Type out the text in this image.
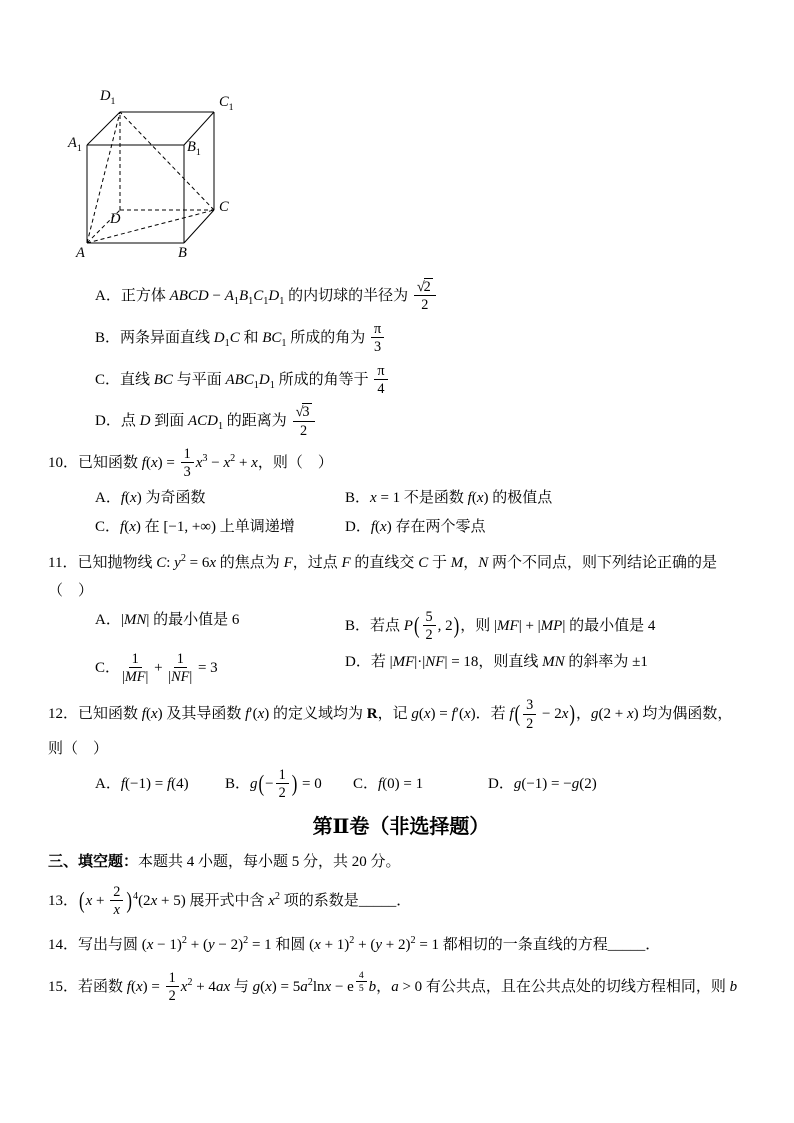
$D_1$	$C_1$
$A_1$	$B_1$
D
C
A	B
A．正方体 ABCD − $A_1B_1C_1D_1$ 的内切球的半径为 $\frac{√2}{2}$
B．两条异面直线 $D_1C$ 和 $BC_1$ 所成的角为 $\frac{\pi}{3}$
C．直线 BC 与平面 $ABC_1D_1$ 所成的角等于 $\frac{\pi}{4}$
D．点 D 到面 $ACD_1$ 的距离为 $\frac{√3}{2}$
10．已知函数 $f(x) = \frac{1}{3} x^3 - x^2 + x$，则（　）
A．f(x) 为奇函数	B．x = 1 不是函数 f(x) 的极值点
C．f(x) 在 [−1, +∞) 上单调递增	D．f(x) 存在两个零点
11．已知抛物线 C: $y^2 = 6x$ 的焦点为 F，过点 F 的直线交 C 于 M，N 两个不同点，则下列结论正确的是
（　）
A．|MN| 的最小值是 6	B．若点 $P( \frac{5}{2}$ , 2)，则 |MF| + |MP| 的最小值是 4
C． $\frac{1}{|MF|} + \frac{1}{|NF|} = 3$	D．若 |MF|·|NF| = 18，则直线 MN 的斜率为 ±1
12．已知函数 f(x) 及其导函数 f′(x) 的定义域均为 R，记 g(x) = f′(x)．若 $f( \frac{3}{2} - 2x)$，g(2 + x) 均为偶函数，
则（　）
A．f(−1) = f(4)	B．$g(- \frac{1}{2}$ ) = 0	C．f(0) = 1	D．g(−1) = −g(2)
第Ⅱ卷（非选择题）
三、填空题：本题共 4 小题，每小题 5 分，共 20 分。
13．$(x + \frac{2}{x} )^4(2x + 5)$ 展开式中含 $x^2$ 项的系数是_____．
14．写出与圆 $(x - 1)^2 + (y - 2)^2 = 1$ 和圆 $(x + 1)^2 + (y + 2)^2 = 1$ 都相切的一条直线的方程_____．
15．若函数 $f(x) = \frac{1}{2} x^2 + 4ax$ 与 $g(x) = 5a^2\ln x - e$ $^{\frac{4}{5}}$ b，a > 0 有公共点，且在公共点处的切线方程相同，则 b
